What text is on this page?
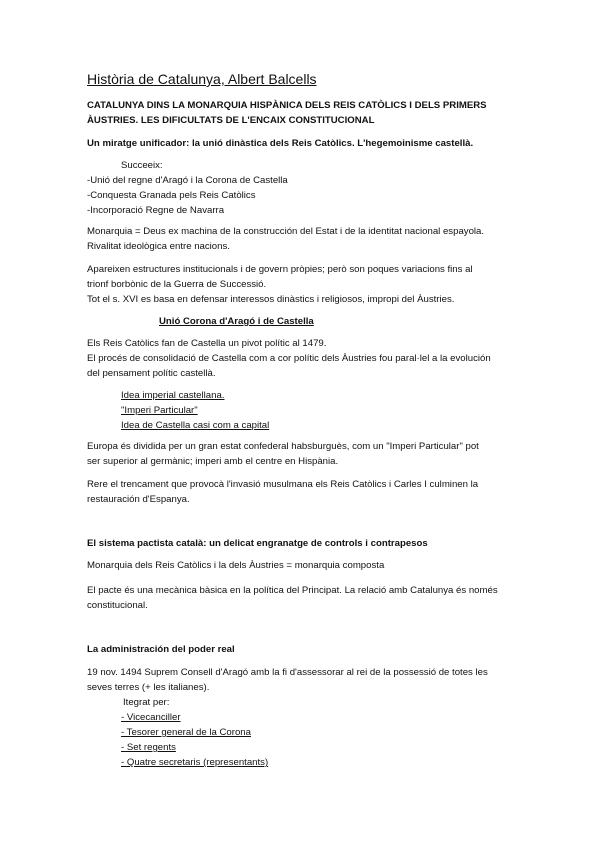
Història de Catalunya, Albert Balcells
CATALUNYA DINS LA MONARQUIA HISPÀNICA DELS REIS CATÒLICS I DELS PRIMERS
ÀUSTRIES. LES DIFICULTATS DE L'ENCAIX CONSTITUCIONAL
Un miratge unificador: la unió dinàstica dels Reis Catòlics. L'hegemoinisme castellà.
Succeeix:
-Unió del regne d'Aragó i la Corona de Castella
-Conquesta Granada pels Reis Catòlics
-Incorporació Regne de Navarra
Monarquia = Deus ex machina de la construcción del Estat i de la identitat nacional espayola.
Rivalitat ideològica entre nacions.
Apareixen estructures institucionals i de govern pròpies; però son poques variacions fins al
trionf borbònic de la Guerra de Successió.
Tot el s. XVI es basa en defensar interessos dinàstics i religiosos, impropi del Àustries.
Unió Corona d'Aragó i de Castella
Els Reis Catòlics fan de Castella un pivot polític al 1479.
El procés de consolidació de Castella com a cor polític dels Àustries fou paral·lel a la evolución
del pensament polític castellà.
Idea imperial castellana.
"Imperi Particular"
Idea de Castella casi com a capital
Europa és dividida per un gran estat confederal habsburguès, com un "Imperi Particular" pot
ser superior al germànic; imperi amb el centre en Hispània.
Rere el trencament que provocà l'invasió musulmana els Reis Catòlics i Carles I culminen la
restauración d'Espanya.
El sistema pactista català: un delicat engranatge de controls i contrapesos
Monarquia dels Reis Catòlics i la dels Àustries = monarquia composta
El pacte és una mecànica bàsica en la política del Principat. La relació amb Catalunya és només
constitucional.
La administración del poder real
19 nov. 1494 Suprem Consell d'Aragó amb la fi d'assessorar al rei de la possessió de totes les
seves terres (+ les italianes).
Itegrat per:
- Vicecanciller
- Tesorer general de la Corona
- Set regents
- Quatre secretaris (representants)
